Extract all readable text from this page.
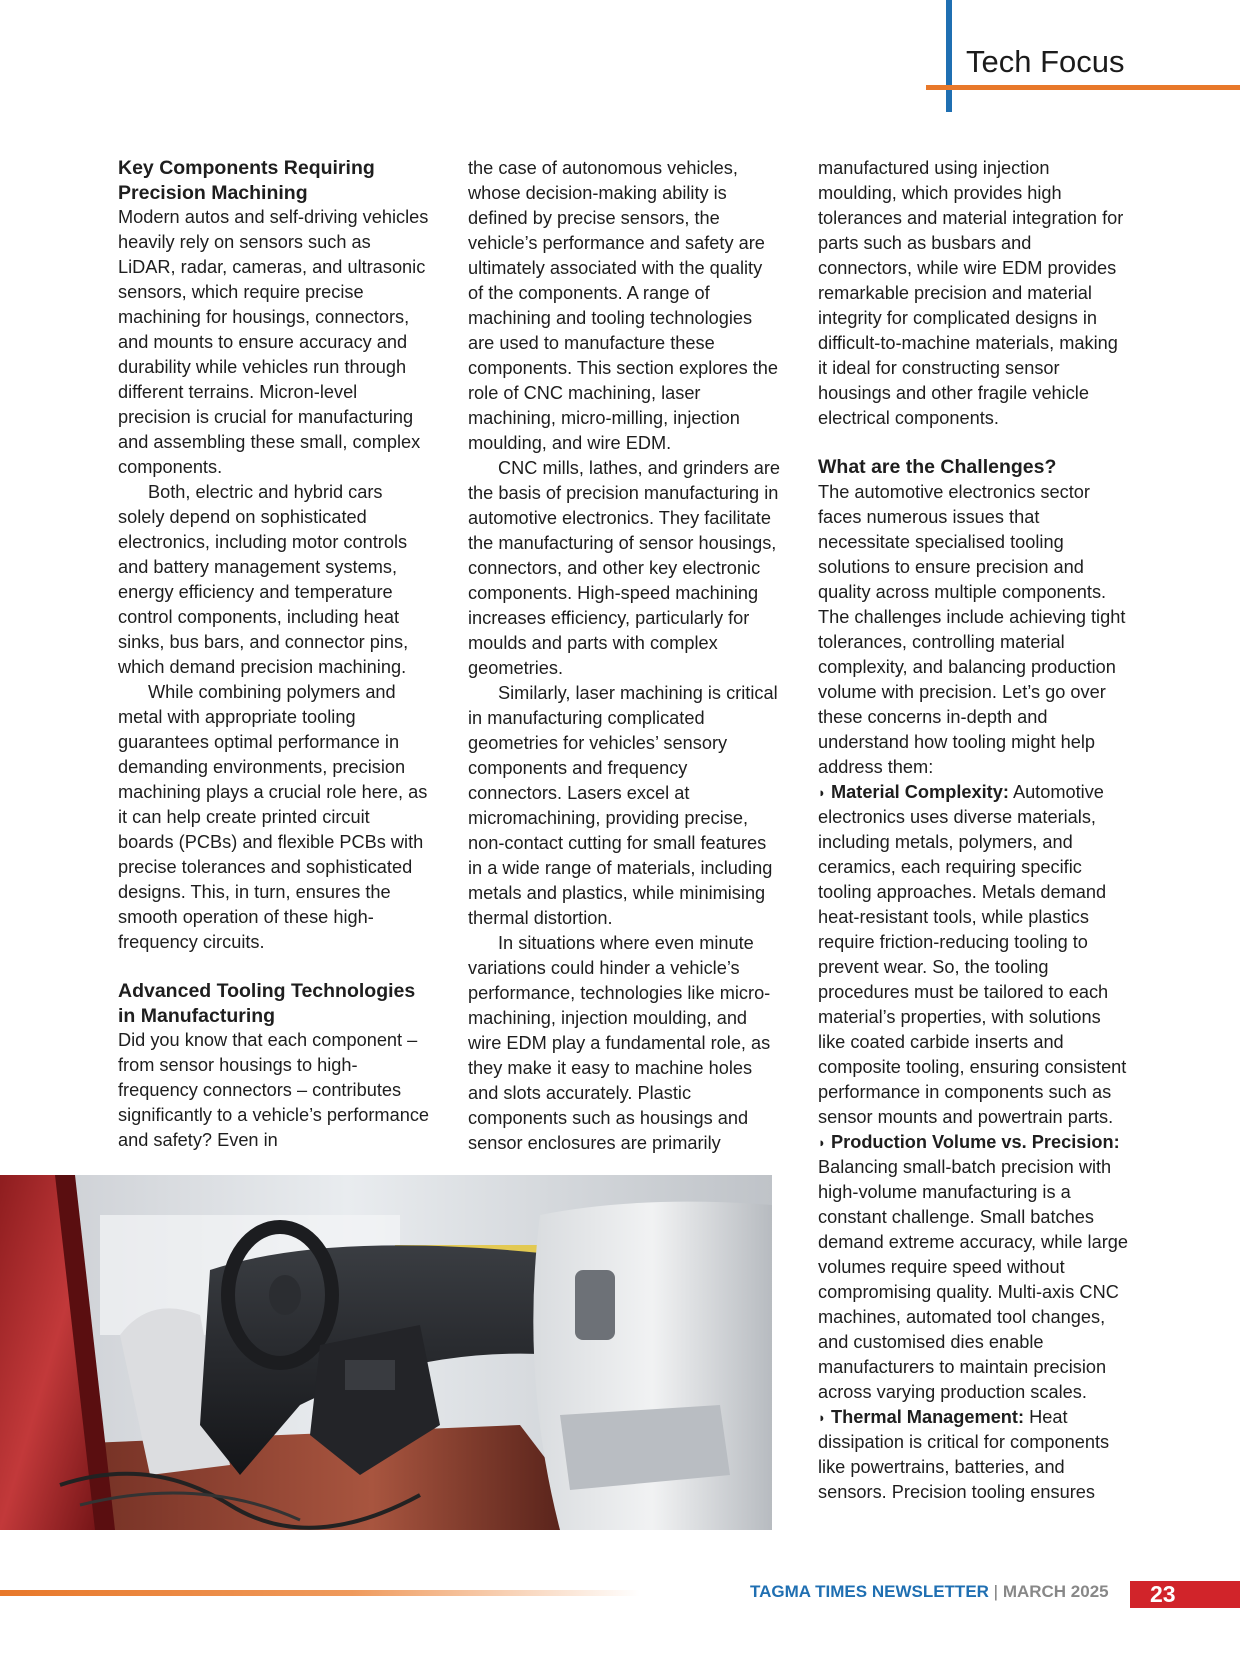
Tech Focus

Key Components Requiring Precision Machining

Modern autos and self-driving vehicles heavily rely on sensors such as LiDAR, radar, cameras, and ultrasonic sensors, which require precise machining for housings, connectors, and mounts to ensure accuracy and durability while vehicles run through different terrains. Micron-level precision is crucial for manufacturing and assembling these small, complex components.

Both, electric and hybrid cars solely depend on sophisticated electronics, including motor controls and battery management systems, energy efficiency and temperature control components, including heat sinks, bus bars, and connector pins, which demand precision machining.

While combining polymers and metal with appropriate tooling guarantees optimal performance in demanding environments, precision machining plays a crucial role here, as it can help create printed circuit boards (PCBs) and flexible PCBs with precise tolerances and sophisticated designs. This, in turn, ensures the smooth operation of these high-frequency circuits.

Advanced Tooling Technologies in Manufacturing

Did you know that each component – from sensor housings to high-frequency connectors – contributes significantly to a vehicle’s performance and safety? Even in

the case of autonomous vehicles, whose decision-making ability is defined by precise sensors, the vehicle’s performance and safety are ultimately associated with the quality of the components. A range of machining and tooling technologies are used to manufacture these components. This section explores the role of CNC machining, laser machining, micro-milling, injection moulding, and wire EDM.

CNC mills, lathes, and grinders are the basis of precision manufacturing in automotive electronics. They facilitate the manufacturing of sensor housings, connectors, and other key electronic components. High-speed machining increases efficiency, particularly for moulds and parts with complex geometries.

Similarly, laser machining is critical in manufacturing complicated geometries for vehicles’ sensory components and frequency connectors. Lasers excel at micromachining, providing precise, non-contact cutting for small features in a wide range of materials, including metals and plastics, while minimising thermal distortion.

In situations where even minute variations could hinder a vehicle’s performance, technologies like micro-machining, injection moulding, and wire EDM play a fundamental role, as they make it easy to machine holes and slots accurately. Plastic components such as housings and sensor enclosures are primarily

manufactured using injection moulding, which provides high tolerances and material integration for parts such as busbars and connectors, while wire EDM provides remarkable precision and material integrity for complicated designs in difficult-to-machine materials, making it ideal for constructing sensor housings and other fragile vehicle electrical components.

What are the Challenges?

The automotive electronics sector faces numerous issues that necessitate specialised tooling solutions to ensure precision and quality across multiple components. The challenges include achieving tight tolerances, controlling material complexity, and balancing production volume with precision. Let’s go over these concerns in-depth and understand how tooling might help address them:

◗ Material Complexity: Automotive electronics uses diverse materials, including metals, polymers, and ceramics, each requiring specific tooling approaches. Metals demand heat-resistant tools, while plastics require friction-reducing tooling to prevent wear. So, the tooling procedures must be tailored to each material’s properties, with solutions like coated carbide inserts and composite tooling, ensuring consistent performance in components such as sensor mounts and powertrain parts.

◗ Production Volume vs. Precision: Balancing small-batch precision with high-volume manufacturing is a constant challenge. Small batches demand extreme accuracy, while large volumes require speed without compromising quality. Multi-axis CNC machines, automated tool changes, and customised dies enable manufacturers to maintain precision across varying production scales.

◗ Thermal Management: Heat dissipation is critical for components like powertrains, batteries, and sensors. Precision tooling ensures

TAGMA TIMES NEWSLETTER | MARCH 2025	23
